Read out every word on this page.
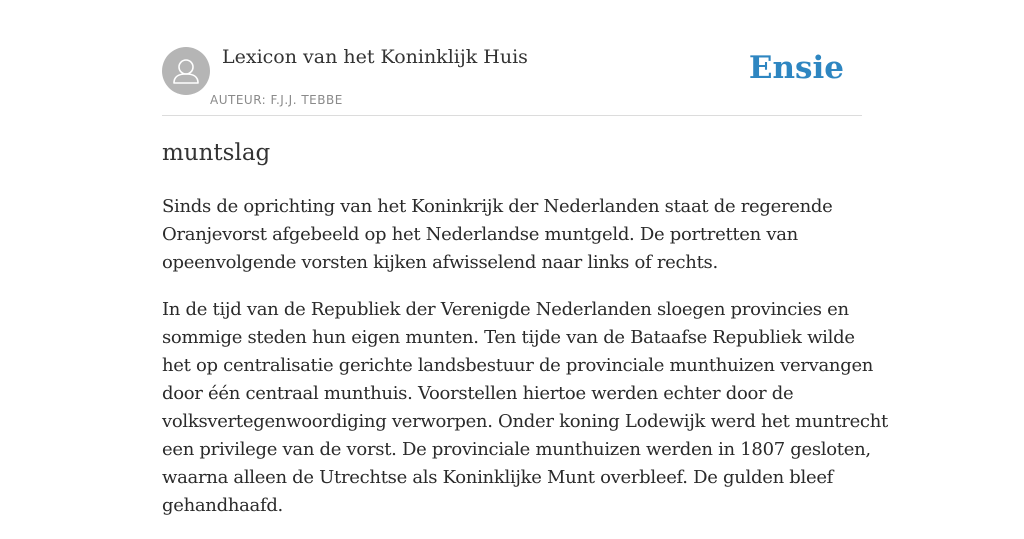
Lexicon van het Koninklijk Huis
AUTEUR: F.J.J. TEBBE
Ensie
muntslag

Sinds de oprichting van het Koninkrijk der Nederlanden staat de regerende
Oranjevorst afgebeeld op het Nederlandse muntgeld. De portretten van
opeenvolgende vorsten kijken afwisselend naar links of rechts.

In de tijd van de Republiek der Verenigde Nederlanden sloegen provincies en
sommige steden hun eigen munten. Ten tijde van de Bataafse Republiek wilde
het op centralisatie gerichte landsbestuur de provinciale munthuizen vervangen
door één centraal munthuis. Voorstellen hiertoe werden echter door de
volksvertegenwoordiging verworpen. Onder koning Lodewijk werd het muntrecht
een privilege van de vorst. De provinciale munthuizen werden in 1807 gesloten,
waarna alleen de Utrechtse als Koninklijke Munt overbleef. De gulden bleef
gehandhaafd.
